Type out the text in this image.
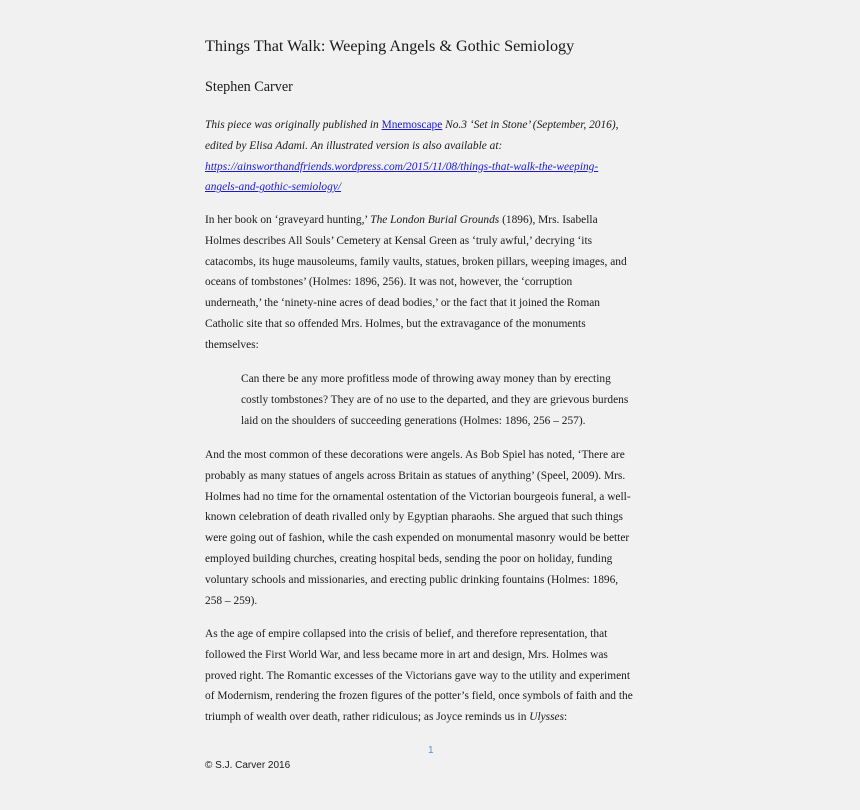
Things That Walk: Weeping Angels & Gothic Semiology
Stephen Carver
This piece was originally published in Mnemoscape No.3 ‘Set in Stone’ (September, 2016),
edited by Elisa Adami. An illustrated version is also available at:
https://ainsworthandfriends.wordpress.com/2015/11/08/things-that-walk-the-weeping-
angels-and-gothic-semiology/
In her book on ‘graveyard hunting,’ The London Burial Grounds (1896), Mrs. Isabella
Holmes describes All Souls’ Cemetery at Kensal Green as ‘truly awful,’ decrying ‘its
catacombs, its huge mausoleums, family vaults, statues, broken pillars, weeping images, and
oceans of tombstones’ (Holmes: 1896, 256). It was not, however, the ‘corruption
underneath,’ the ‘ninety-nine acres of dead bodies,’ or the fact that it joined the Roman
Catholic site that so offended Mrs. Holmes, but the extravagance of the monuments
themselves:
Can there be any more profitless mode of throwing away money than by erecting
costly tombstones? They are of no use to the departed, and they are grievous burdens
laid on the shoulders of succeeding generations (Holmes: 1896, 256 – 257).
And the most common of these decorations were angels. As Bob Spiel has noted, ‘There are
probably as many statues of angels across Britain as statues of anything’ (Speel, 2009). Mrs.
Holmes had no time for the ornamental ostentation of the Victorian bourgeois funeral, a well-
known celebration of death rivalled only by Egyptian pharaohs. She argued that such things
were going out of fashion, while the cash expended on monumental masonry would be better
employed building churches, creating hospital beds, sending the poor on holiday, funding
voluntary schools and missionaries, and erecting public drinking fountains (Holmes: 1896,
258 – 259).
As the age of empire collapsed into the crisis of belief, and therefore representation, that
followed the First World War, and less became more in art and design, Mrs. Holmes was
proved right. The Romantic excesses of the Victorians gave way to the utility and experiment
of Modernism, rendering the frozen figures of the potter’s field, once symbols of faith and the
triumph of wealth over death, rather ridiculous; as Joyce reminds us in Ulysses:
1
© S.J. Carver 2016
